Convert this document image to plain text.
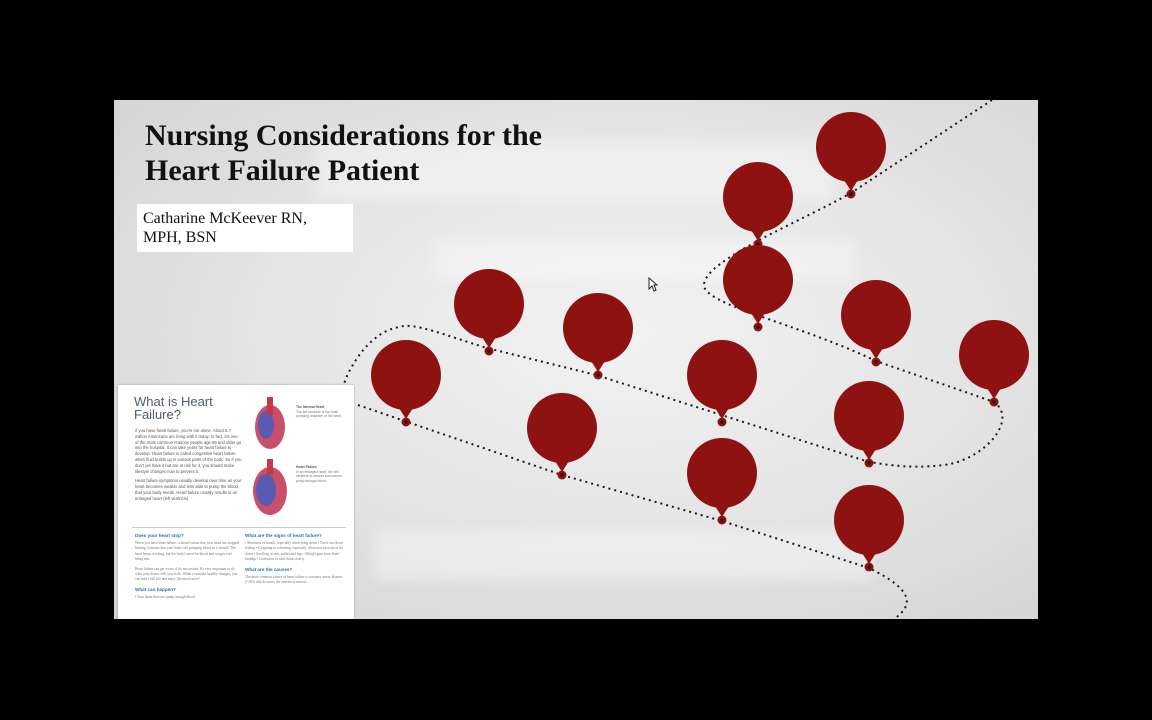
Nursing Considerations for the
Heart Failure Patient
Catharine McKeever RN, MPH, BSN
What is Heart Failure?
If you have heart failure, you're not alone. About 5.7 million Americans are living with it today. In fact, it's one of the most common reasons people age 65 and older go into the hospital. It can take years for heart failure to develop. Heart failure is called congestive heart failure when fluid builds up in various parts of the body. So if you don't yet have it but are at risk for it, you should make lifestyle changes now to prevent it.
Heart failure symptoms usually develop over time as your heart becomes weaker and less able to pump the blood that your body needs. Heart failure usually results in an enlarged heart (left ventricle).
The Normal Heart
The left ventricle is the main pumping chamber of the heart.
Heart Failure
In an enlarged heart, the left ventricle is weaker and cannot pump enough blood.
Does your heart stop?
When you have heart failure, it doesn't mean that your heart has stopped beating. It means that your heart isn't pumping blood as it should. The heart keeps working, but the body's need for blood and oxygen isn't being met.
Heart failure can get worse if it's not treated. It's very important to do what your doctor tells you to do. When you make healthy changes, you can lead a full life and enjoy life much more!
What can happen?
• Your heart does not pump enough blood.
What are the signs of heart failure?
• Shortness of breath, especially when lying down • Tired, run-down feeling • Coughing or wheezing, especially when you exercise or lie down • Swelling in feet, ankles and legs • Weight gain from fluid buildup • Confusion or can't think clearly
What are the causes?
The most common causes of heart failure is coronary artery disease (CAD) which causes the arteries to narrow...
